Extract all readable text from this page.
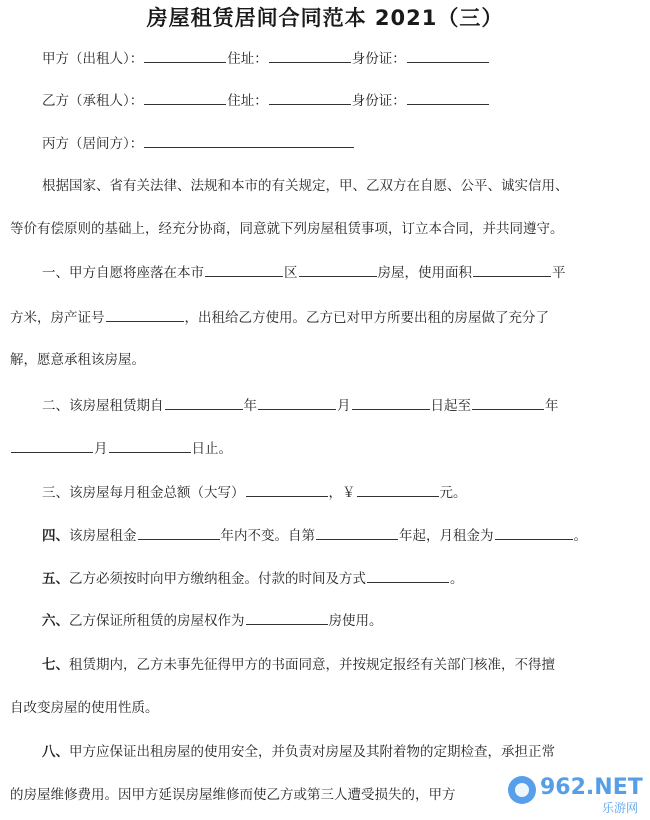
房屋租赁居间合同范本 2021（三）
甲方（出租人）：	住址：	身份证：
乙方（承租人）：	住址：	身份证：
丙方（居间方）：
根据国家、省有关法律、法规和本市的有关规定，甲、乙双方在自愿、公平、诚实信用、
等价有偿原则的基础上，经充分协商，同意就下列房屋租赁事项，订立本合同，并共同遵守。
一、甲方自愿将座落在本市	区	房屋，使用面积	平
方米，房产证号	，出租给乙方使用。乙方已对甲方所要出租的房屋做了充分了
解，愿意承租该房屋。
二、该房屋租赁期自	年	月	日起至	年
月	日止。
三、该房屋每月租金总额（大写）	，￥	元。
四、该房屋租金	年内不变。自第	年起，月租金为	。
五、乙方必须按时向甲方缴纳租金。付款的时间及方式	。
六、乙方保证所租赁的房屋权作为	房使用。
七、租赁期内，乙方未事先征得甲方的书面同意，并按规定报经有关部门核准，不得擅
自改变房屋的使用性质。
八、甲方应保证出租房屋的使用安全，并负责对房屋及其附着物的定期检查，承担正常
的房屋维修费用。因甲方延误房屋维修而使乙方或第三人遭受损失的，甲方	962.NET
乐游网
